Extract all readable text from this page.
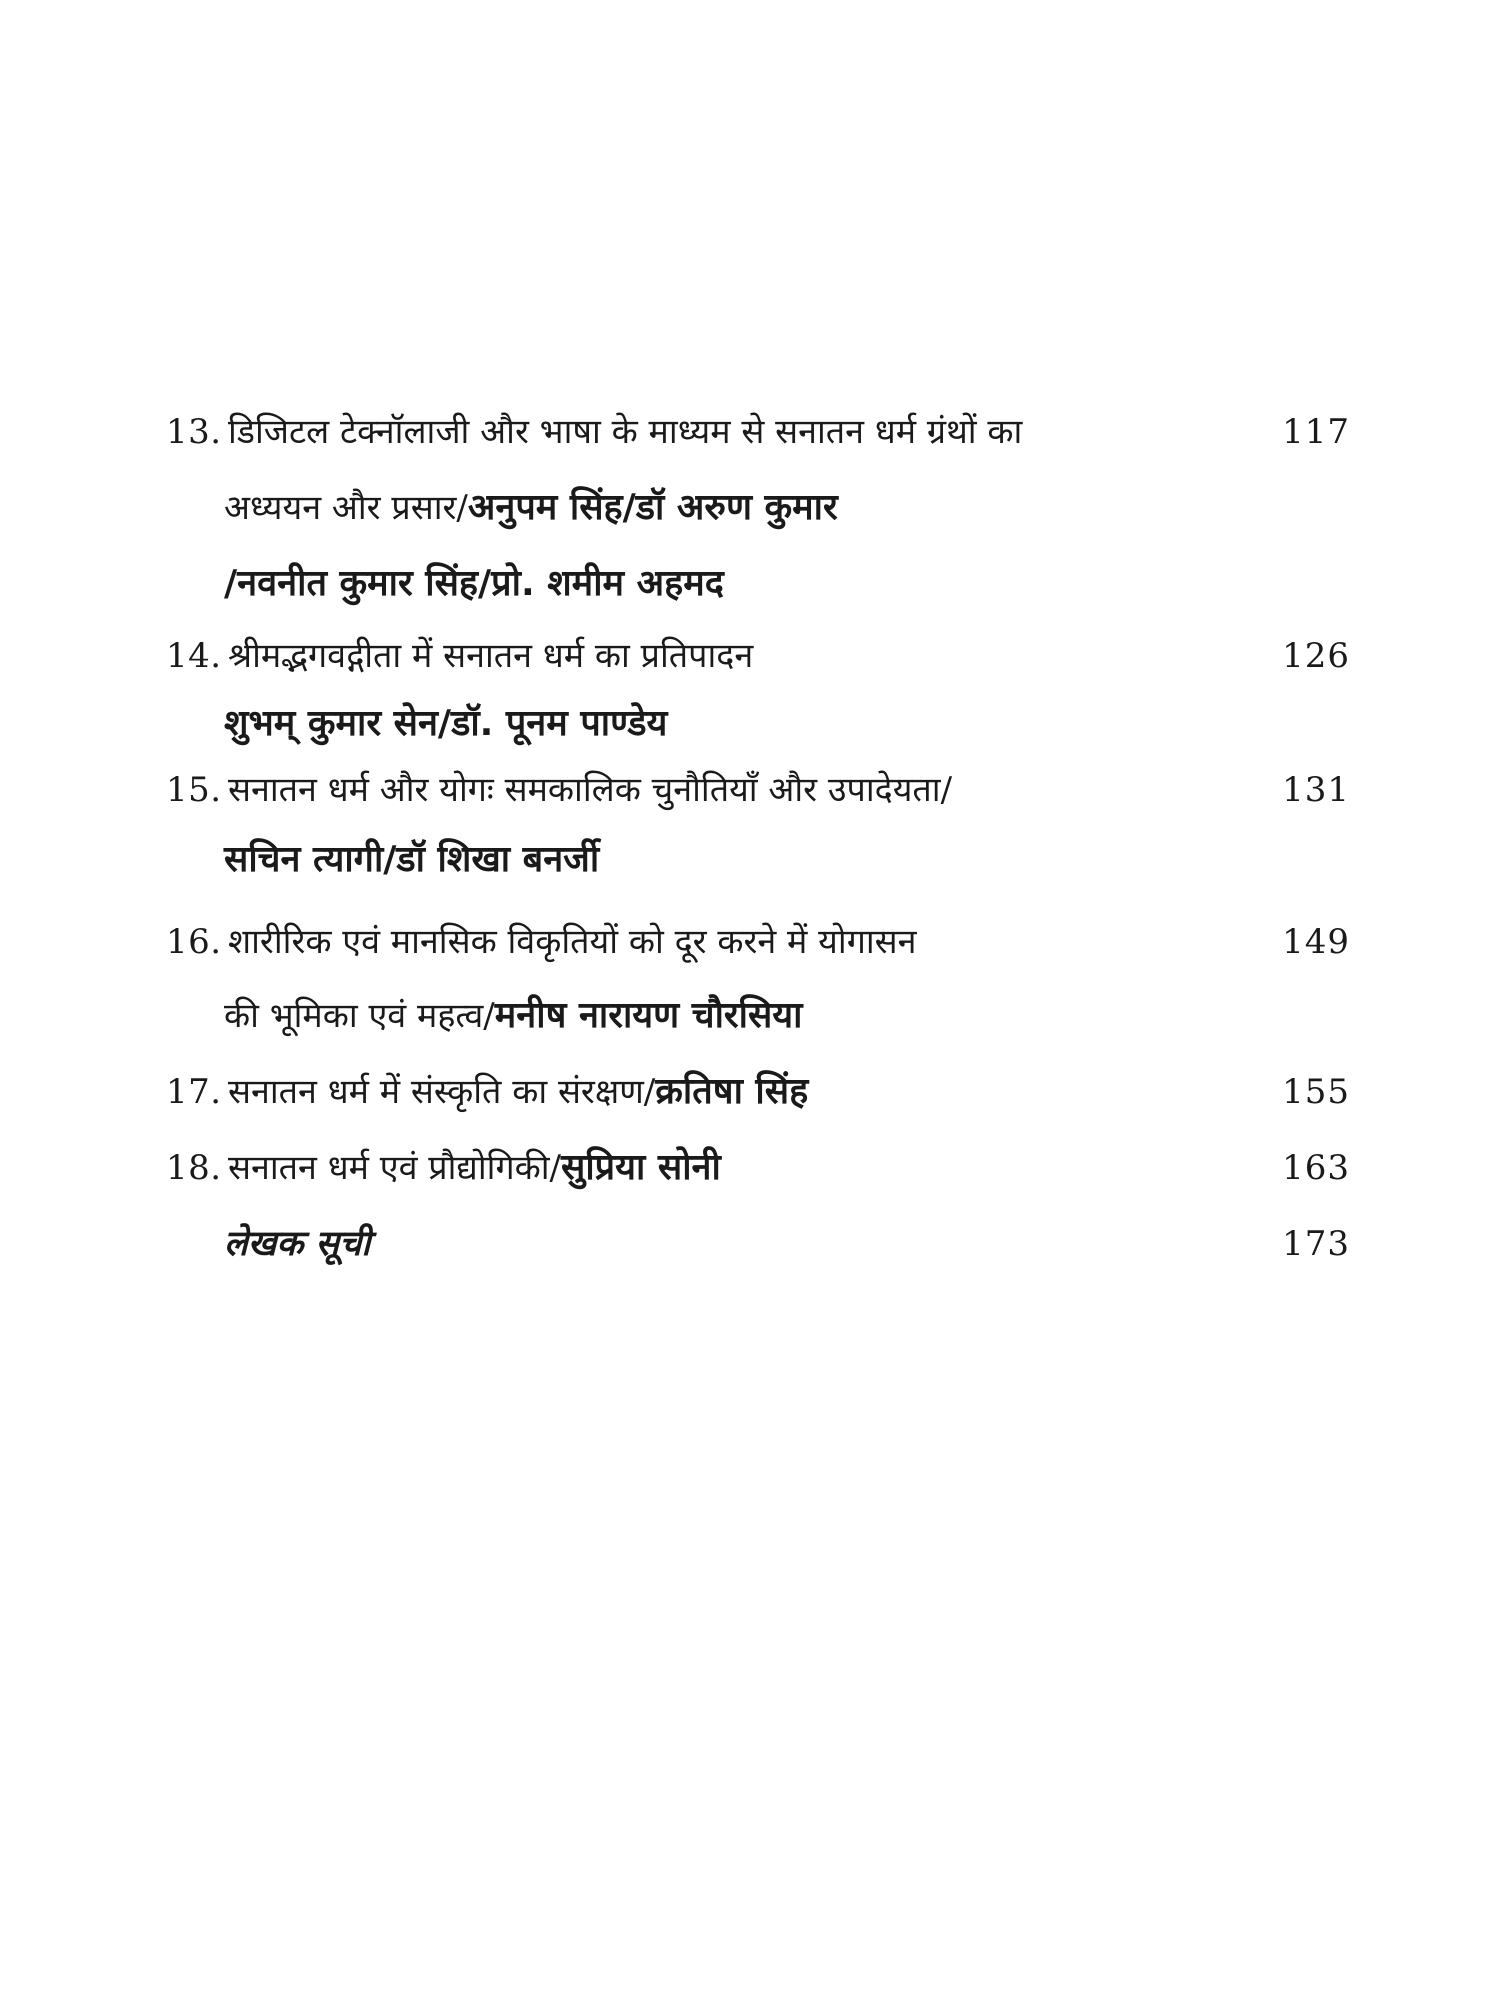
13. डिजिटल टेक्नॉलाजी और भाषा के माध्यम से सनातन धर्म ग्रंथों का	117
अध्ययन और प्रसार/अनुपम सिंह/डॉ अरुण कुमार
/नवनीत कुमार सिंह/प्रो. शमीम अहमद
14. श्रीमद्भगवद्गीता में सनातन धर्म का प्रतिपादन	126
शुभम् कुमार सेन/डॉ. पूनम पाण्डेय
15. सनातन धर्म और योगः समकालिक चुनौतियाँ और उपादेयता/	131
सचिन त्यागी/डॉ शिखा बनर्जी
16. शारीरिक एवं मानसिक विकृतियों को दूर करने में योगासन	149
की भूमिका एवं महत्व/मनीष नारायण चौरसिया
17. सनातन धर्म में संस्कृति का संरक्षण/क्रतिषा सिंह	155
18. सनातन धर्म एवं प्रौद्योगिकी/सुप्रिया सोनी	163
लेखक सूची	173
